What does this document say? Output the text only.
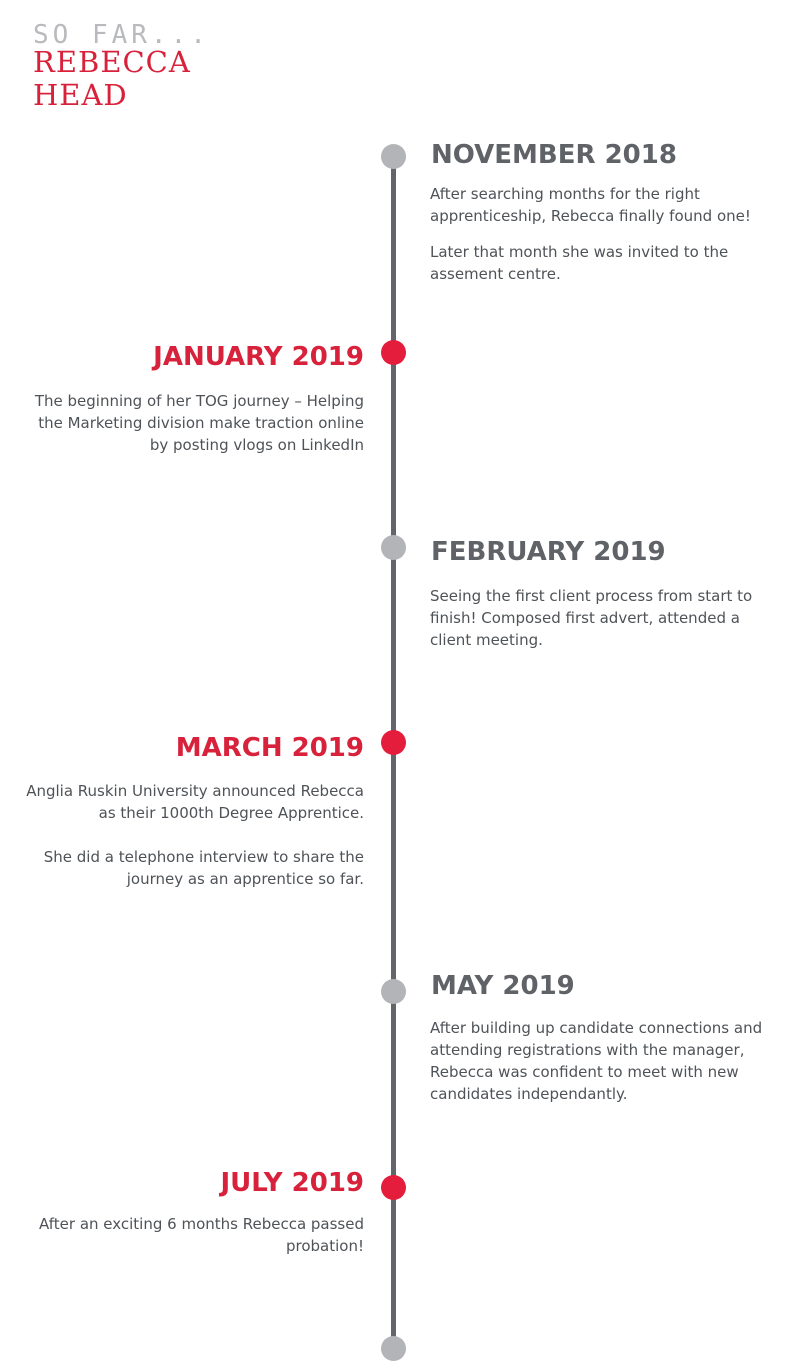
SO FAR...
REBECCA
HEAD
NOVEMBER 2018

After searching months for the right apprenticeship, Rebecca finally found one!

Later that month she was invited to the assement centre.

JANUARY 2019

The beginning of her TOG journey – Helping the Marketing division make traction online by posting vlogs on LinkedIn

FEBRUARY 2019

Seeing the first client process from start to finish! Composed first advert, attended a client meeting.

MARCH 2019

Anglia Ruskin University announced Rebecca as their 1000th Degree Apprentice.

She did a telephone interview to share the journey as an apprentice so far.

MAY 2019

After building up candidate connections and attending registrations with the manager, Rebecca was confident to meet with new candidates independantly.

JULY 2019

After an exciting 6 months Rebecca passed probation!
